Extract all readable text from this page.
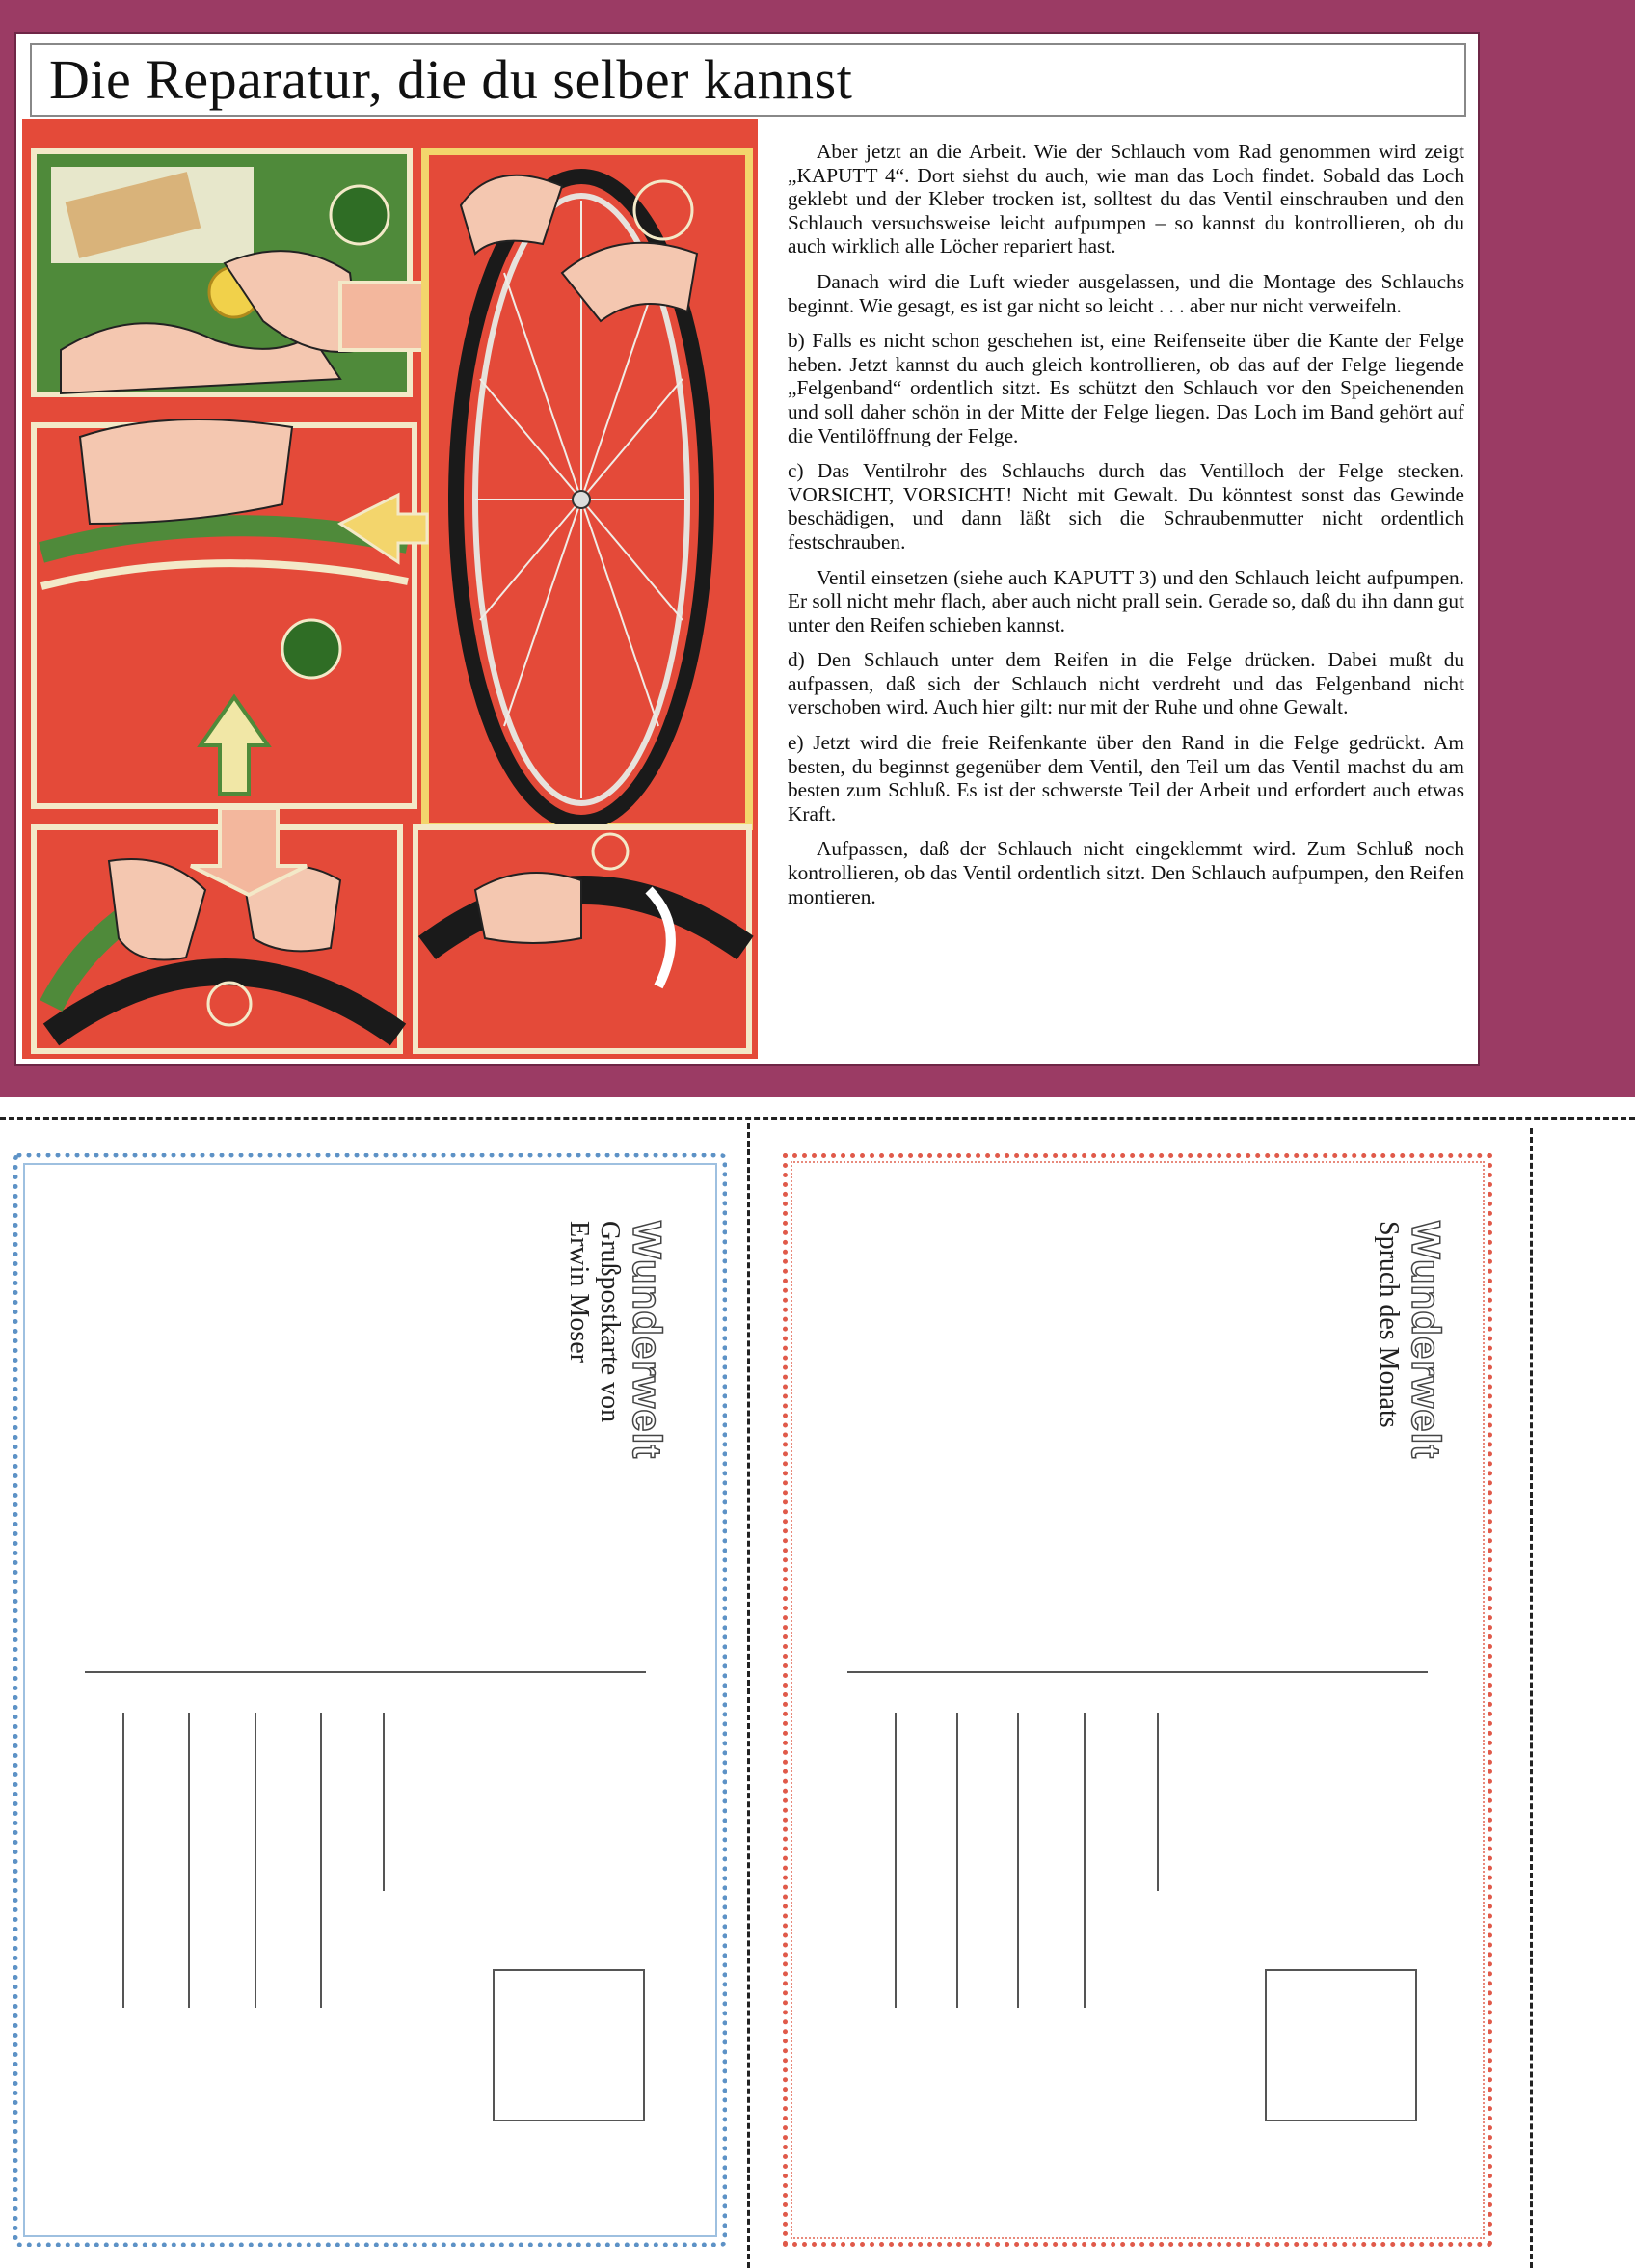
Die Reparatur, die du selber kannst

Aber jetzt an die Arbeit. Wie der Schlauch vom Rad genommen wird zeigt „KAPUTT 4“. Dort siehst du auch, wie man das Loch findet. Sobald das Loch geklebt und der Kleber trocken ist, solltest du das Ventil einschrauben und den Schlauch versuchsweise leicht aufpumpen – so kannst du kontrollieren, ob du auch wirklich alle Löcher repariert hast.

Danach wird die Luft wieder ausgelassen, und die Montage des Schlauchs beginnt. Wie gesagt, es ist gar nicht so leicht . . . aber nur nicht verweifeln.

b) Falls es nicht schon geschehen ist, eine Reifenseite über die Kante der Felge heben. Jetzt kannst du auch gleich kontrollieren, ob das auf der Felge liegende „Felgenband“ ordentlich sitzt. Es schützt den Schlauch vor den Speichenenden und soll daher schön in der Mitte der Felge liegen. Das Loch im Band gehört auf die Ventilöffnung der Felge.

c) Das Ventilrohr des Schlauchs durch das Ventilloch der Felge stecken. VORSICHT, VORSICHT! Nicht mit Gewalt. Du könntest sonst das Gewinde beschädigen, und dann läßt sich die Schraubenmutter nicht ordentlich festschrauben.

Ventil einsetzen (siehe auch KAPUTT 3) und den Schlauch leicht aufpumpen. Er soll nicht mehr flach, aber auch nicht prall sein. Gerade so, daß du ihn dann gut unter den Reifen schieben kannst.

d) Den Schlauch unter dem Reifen in die Felge drücken. Dabei mußt du aufpassen, daß sich der Schlauch nicht verdreht und das Felgenband nicht verschoben wird. Auch hier gilt: nur mit der Ruhe und ohne Gewalt.

e) Jetzt wird die freie Reifenkante über den Rand in die Felge gedrückt. Am besten, du beginnst gegenüber dem Ventil, den Teil um das Ventil machst du am besten zum Schluß. Es ist der schwerste Teil der Arbeit und erfordert auch etwas Kraft.

Aufpassen, daß der Schlauch nicht eingeklemmt wird. Zum Schluß noch kontrollieren, ob das Ventil ordentlich sitzt. Den Schlauch aufpumpen, den Reifen montieren.

Wunderwelt
Grußpostkarte von
Erwin Moser	Wunderwelt
Spruch des Monats
